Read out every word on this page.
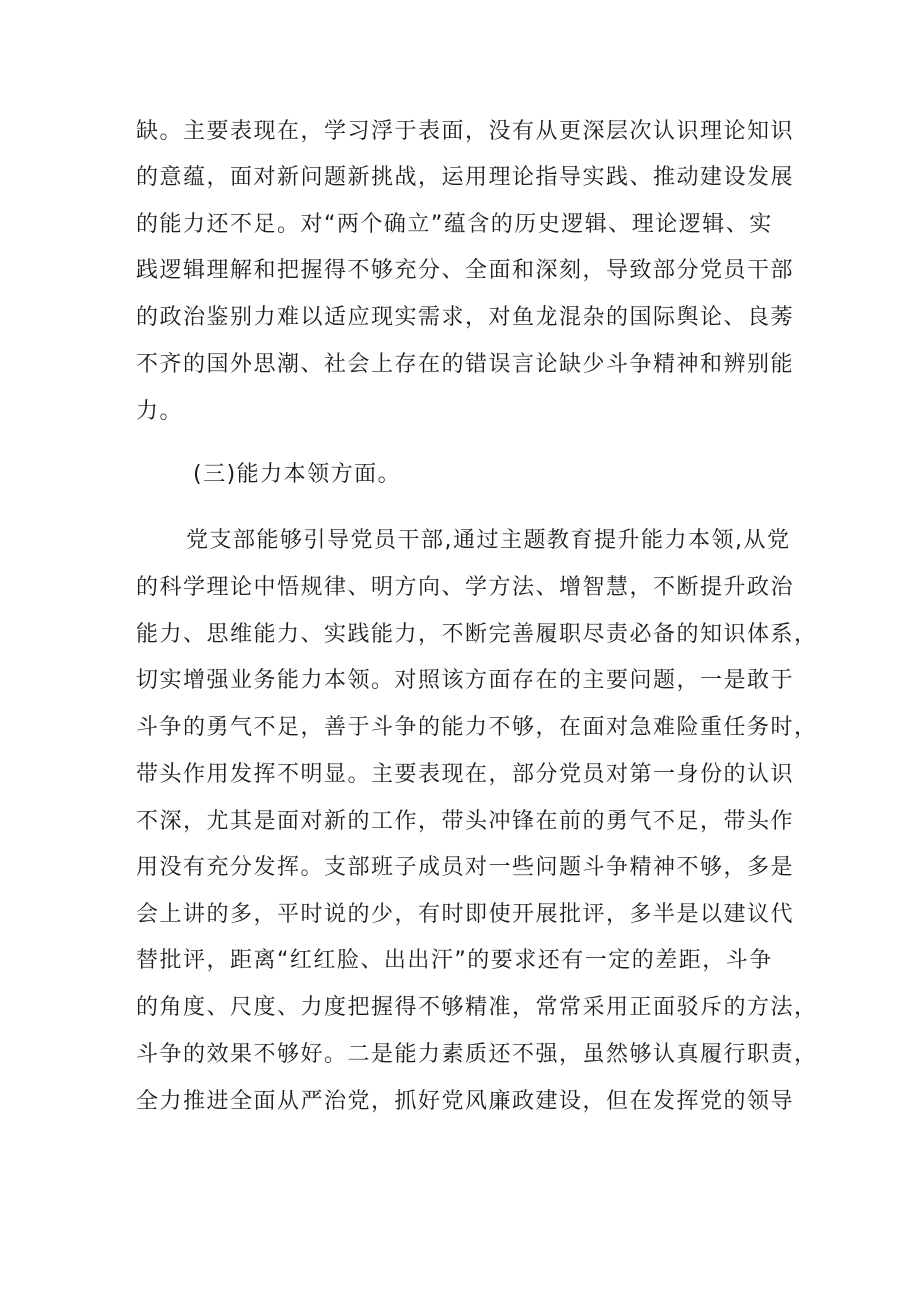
缺。主要表现在，学习浮于表面，没有从更深层次认识理论知识
的意蕴，面对新问题新挑战，运用理论指导实践、推动建设发展
的能力还不足。对“两个确立”蕴含的历史逻辑、理论逻辑、实
践逻辑理解和把握得不够充分、全面和深刻，导致部分党员干部
的政治鉴别力难以适应现实需求，对鱼龙混杂的国际舆论、良莠
不齐的国外思潮、社会上存在的错误言论缺少斗争精神和辨别能
力。
(三)能力本领方面。
党支部能够引导党员干部,通过主题教育提升能力本领,从党
的科学理论中悟规律、明方向、学方法、增智慧，不断提升政治
能力、思维能力、实践能力，不断完善履职尽责必备的知识体系，
切实增强业务能力本领。对照该方面存在的主要问题，一是敢于
斗争的勇气不足，善于斗争的能力不够，在面对急难险重任务时，
带头作用发挥不明显。主要表现在，部分党员对第一身份的认识
不深，尤其是面对新的工作，带头冲锋在前的勇气不足，带头作
用没有充分发挥。支部班子成员对一些问题斗争精神不够，多是
会上讲的多，平时说的少，有时即使开展批评，多半是以建议代
替批评，距离“红红脸、出出汗”的要求还有一定的差距，斗争
的角度、尺度、力度把握得不够精准，常常采用正面驳斥的方法，
斗争的效果不够好。二是能力素质还不强，虽然够认真履行职责，
全力推进全面从严治党，抓好党风廉政建设，但在发挥党的领导
